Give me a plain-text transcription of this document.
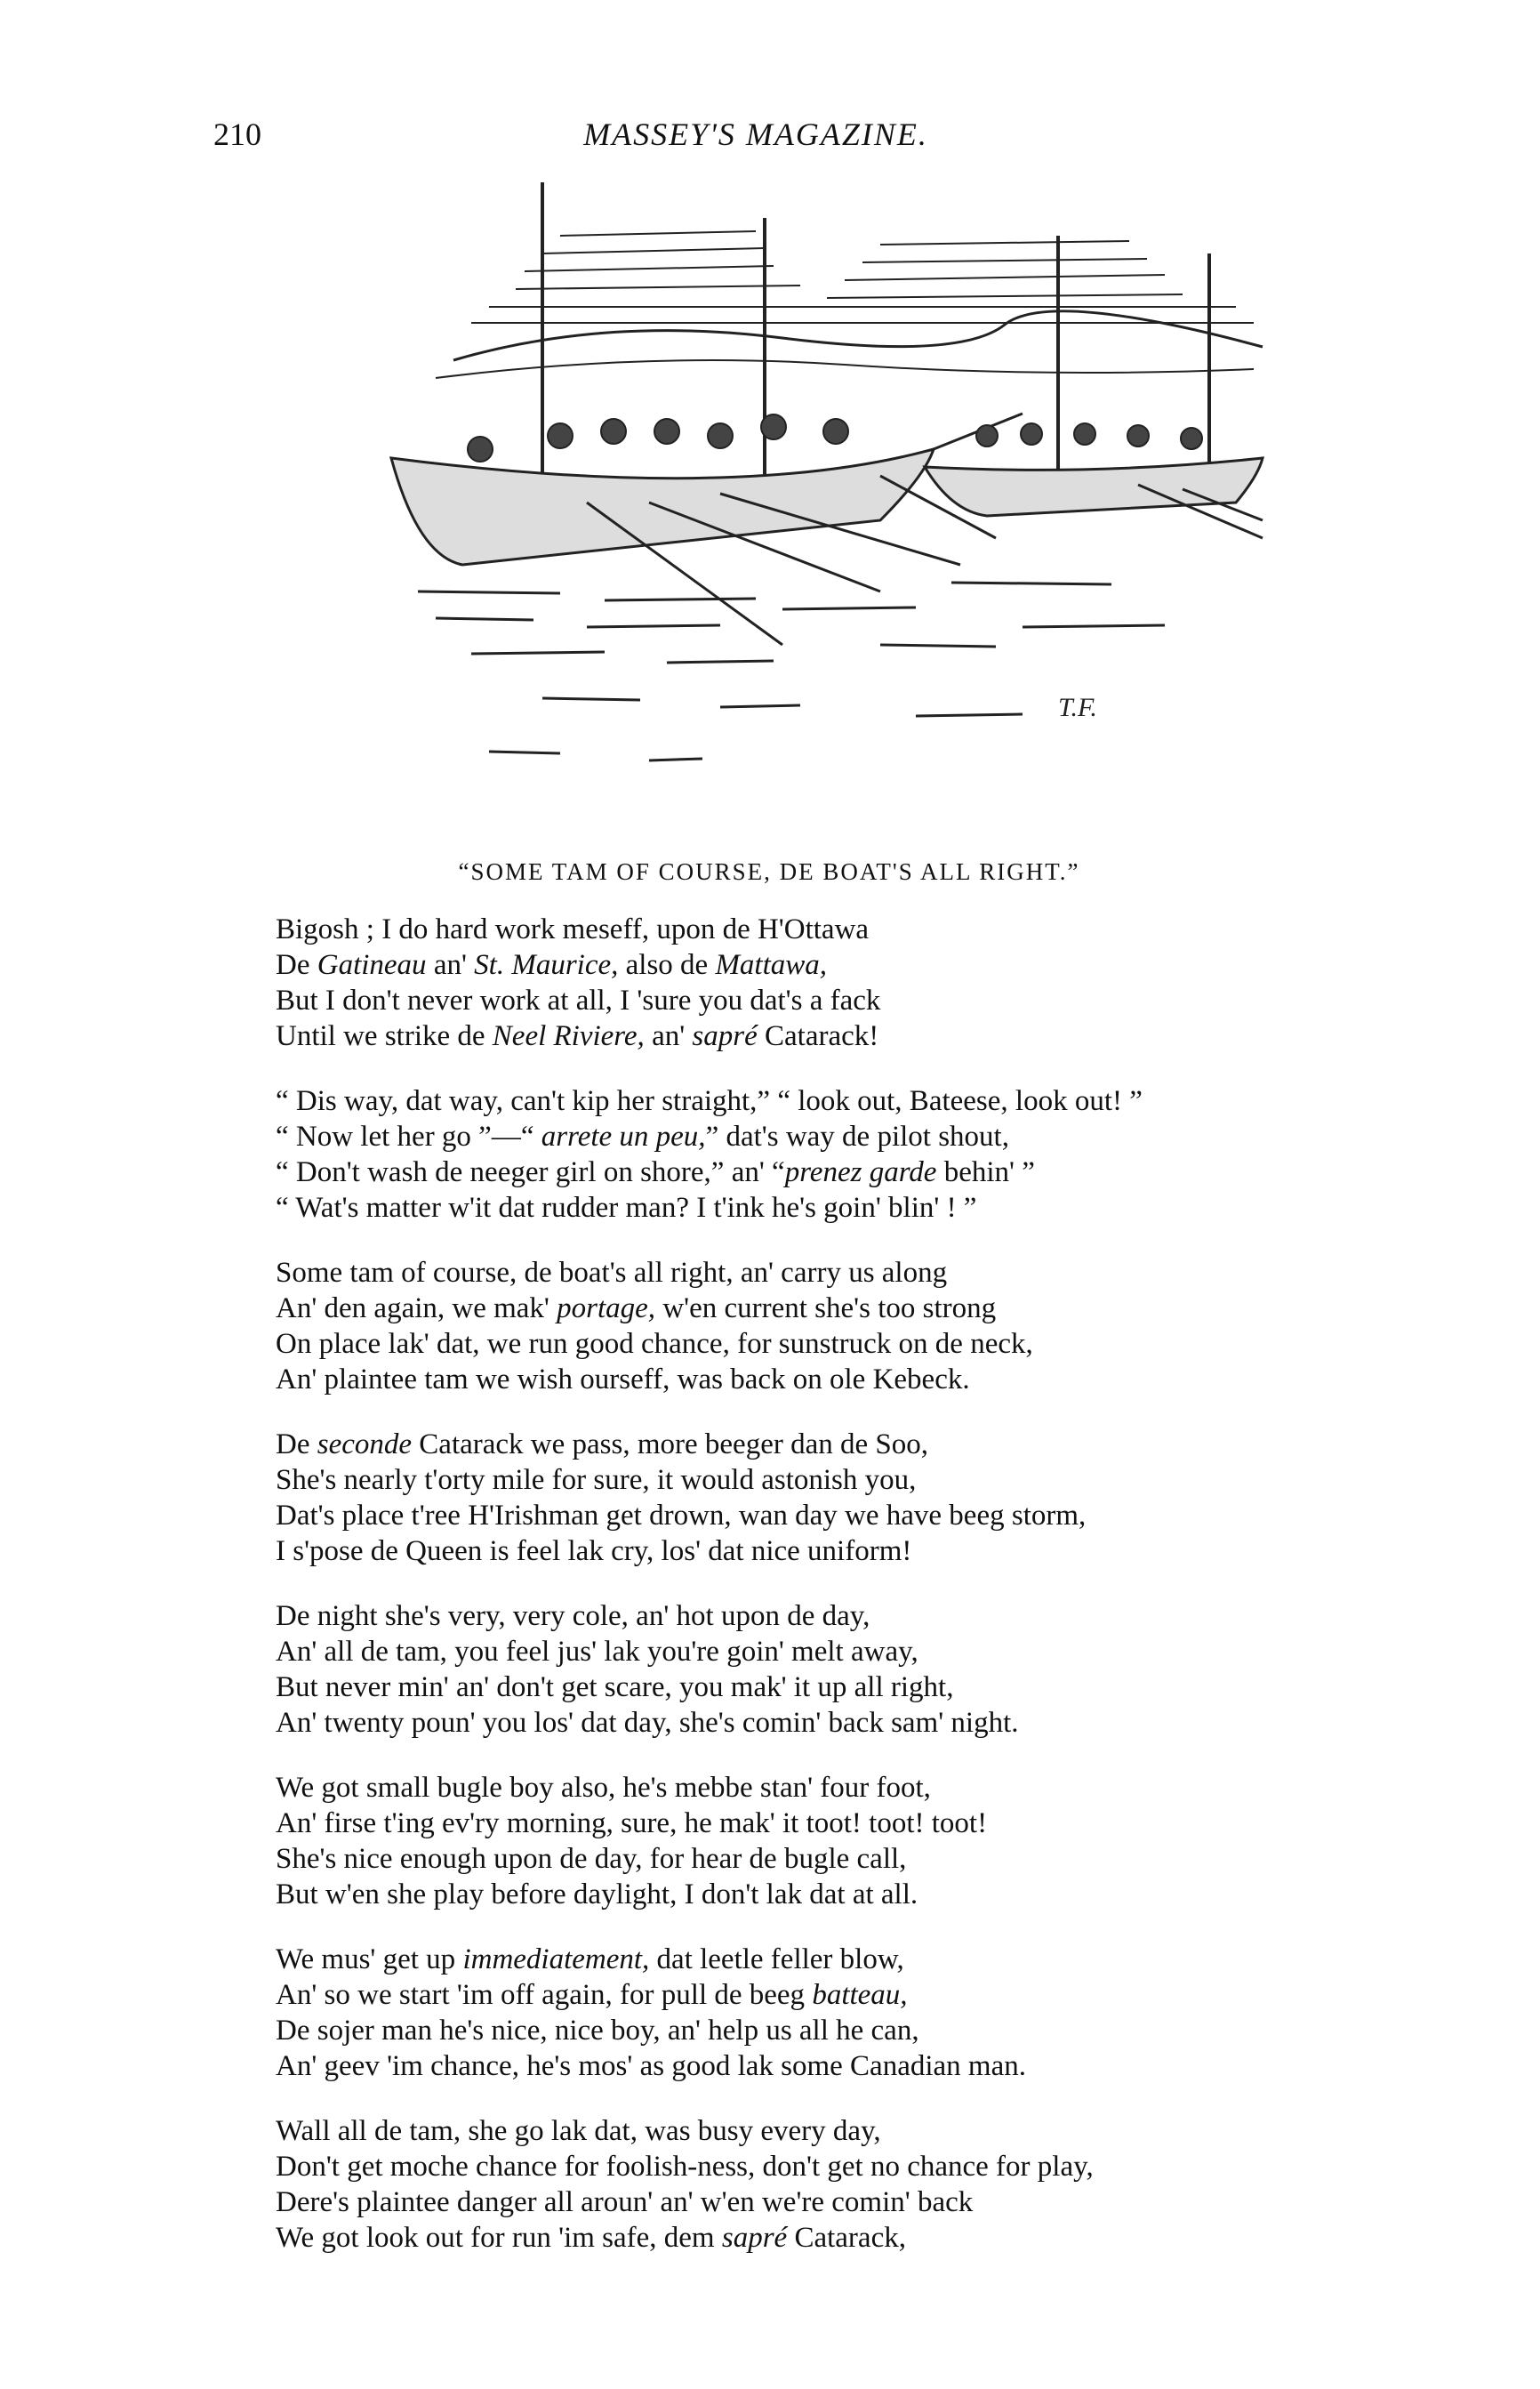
210	MASSEY'S MAGAZINE.
T.F.
“SOME TAM OF COURSE, DE BOAT'S ALL RIGHT.”
Bigosh ; I do hard work meseff, upon de H'Ottawa
De Gatineau an' St. Maurice, also de Mattawa,
But I don't never work at all, I 'sure you dat's a fack
Until we strike de Neel Riviere, an' sapré Catarack!
“ Dis way, dat way, can't kip her straight,” “ look out, Bateese, look out! ”
“ Now let her go ”—“ arrete un peu,” dat's way de pilot shout,
“ Don't wash de neeger girl on shore,” an' “prenez garde behin' ”
“ Wat's matter w'it dat rudder man? I t'ink he's goin' blin' ! ”
Some tam of course, de boat's all right, an' carry us along
An' den again, we mak' portage, w'en current she's too strong
On place lak' dat, we run good chance, for sunstruck on de neck,
An' plaintee tam we wish ourseff, was back on ole Kebeck.
De seconde Catarack we pass, more beeger dan de Soo,
She's nearly t'orty mile for sure, it would astonish you,
Dat's place t'ree H'Irishman get drown, wan day we have beeg storm,
I s'pose de Queen is feel lak cry, los' dat nice uniform!
De night she's very, very cole, an' hot upon de day,
An' all de tam, you feel jus' lak you're goin' melt away,
But never min' an' don't get scare, you mak' it up all right,
An' twenty poun' you los' dat day, she's comin' back sam' night.
We got small bugle boy also, he's mebbe stan' four foot,
An' firse t'ing ev'ry morning, sure, he mak' it toot! toot! toot!
She's nice enough upon de day, for hear de bugle call,
But w'en she play before daylight, I don't lak dat at all.
We mus' get up immediatement, dat leetle feller blow,
An' so we start 'im off again, for pull de beeg batteau,
De sojer man he's nice, nice boy, an' help us all he can,
An' geev 'im chance, he's mos' as good lak some Canadian man.
Wall all de tam, she go lak dat, was busy every day,
Don't get moche chance for foolish-ness, don't get no chance for play,
Dere's plaintee danger all aroun' an' w'en we're comin' back
We got look out for run 'im safe, dem sapré Catarack,
